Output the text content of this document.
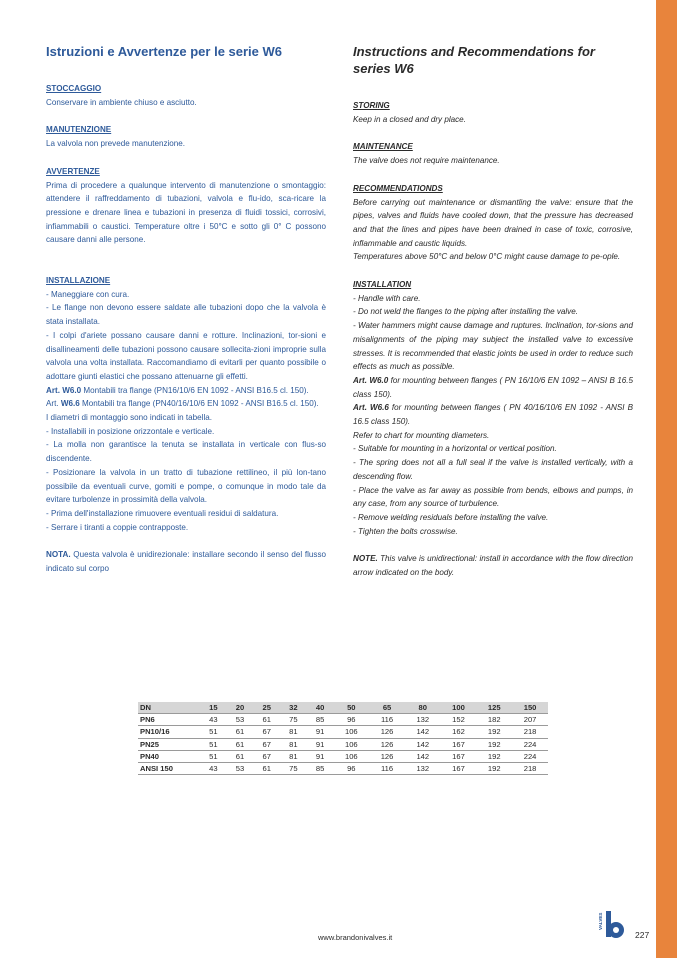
Istruzioni e Avvertenze per le serie W6

STOCCAGGIO

Conservare in ambiente chiuso e asciutto.

MANUTENZIONE

La valvola non prevede manutenzione.

AVVERTENZE

Prima di procedere a qualunque intervento di manutenzione o smontaggio: attendere il raffreddamento di tubazioni, valvola e flu-ido, sca-ricare la pressione e drenare linea e tubazioni in presenza di fluidi tossici, corrosivi, infiammabili o caustici. Temperature oltre i 50°C e sotto gli 0° C possono causare danni alle persone.

INSTALLAZIONE

- Maneggiare con cura.

- Le flange non devono essere saldate alle tubazioni dopo che la valvola è stata installata.

- I colpi d'ariete possano causare danni e rotture. Inclinazioni, tor-sioni e disallineamenti delle tubazioni possono causare sollecita-zioni improprie sulla valvola una volta installata. Raccomandiamo di evitarli per quanto possibile o adottare giunti elastici che possano attenuarne gli effetti.

Art. W6.0 Montabili tra flange (PN16/10/6 EN 1092 - ANSI B16.5 cl. 150).

Art. W6.6 Montabili tra flange (PN40/16/10/6 EN 1092 - ANSI B16.5 cl. 150).

I diametri di montaggio sono indicati in tabella.

- Installabili in posizione orizzontale e verticale.

- La molla non garantisce la tenuta se installata in verticale con flus-so discendente.

- Posizionare la valvola in un tratto di tubazione rettilineo, il più lon-tano possibile da eventuali curve, gomiti e pompe, o comunque in modo tale da evitare turbolenze in prossimità della valvola.

- Prima dell'installazione rimuovere eventuali residui di saldatura.

- Serrare i tiranti a coppie contrapposte.

NOTA. Questa valvola è unidirezionale: installare secondo il senso del flusso indicato sul corpo

Instructions and Recommendations for series W6

STORING

Keep in a closed and dry place.

MAINTENANCE

The valve does not require maintenance.

RECOMMENDATIONDS

Before carrying out maintenance or dismantling the valve: ensure that the pipes, valves and fluids have cooled down, that the pressure has decreased and that the lines and pipes have been drained in case of toxic, corrosive, inflammable and caustic liquids.

Temperatures above 50°C and below 0°C might cause damage to pe-ople.

INSTALLATION

- Handle with care.

- Do not weld the flanges to the piping after installing the valve.

- Water hammers might cause damage and ruptures. Inclination, tor-sions and misalignments of the piping may subject the installed valve to excessive stresses. It is recommended that elastic joints be used in order to reduce such effects as much as possible.

Art. W6.0 for mounting between flanges ( PN 16/10/6 EN 1092 – ANSI B 16.5 class 150).

Art. W6.6 for mounting between flanges ( PN 40/16/10/6 EN 1092 - ANSI B 16.5 class 150).

Refer to chart for mounting diameters.

- Suitable for mounting in a horizontal or vertical position.

- The spring does not all a full seal if the valve is installed vertically, with a descending flow.

- Place the valve as far away as possible from bends, elbows and pumps, in any case, from any source of turbulence.

- Remove welding residuals before installing the valve.

- Tighten the bolts crosswise.

NOTE. This valve is unidirectional: install in accordance with the flow direction arrow indicated on the body.

DN	15	20	25	32	40	50	65	80	100	125	150
PN6	43	53	61	75	85	96	116	132	152	182	207
PN10/16	51	61	67	81	91	106	126	142	162	192	218
PN25	51	61	67	81	91	106	126	142	167	192	224
PN40	51	61	67	81	91	106	126	142	167	192	224
ANSI 150	43	53	61	75	85	96	116	132	167	192	218
www.brandonivalves.it
VALVES
227
